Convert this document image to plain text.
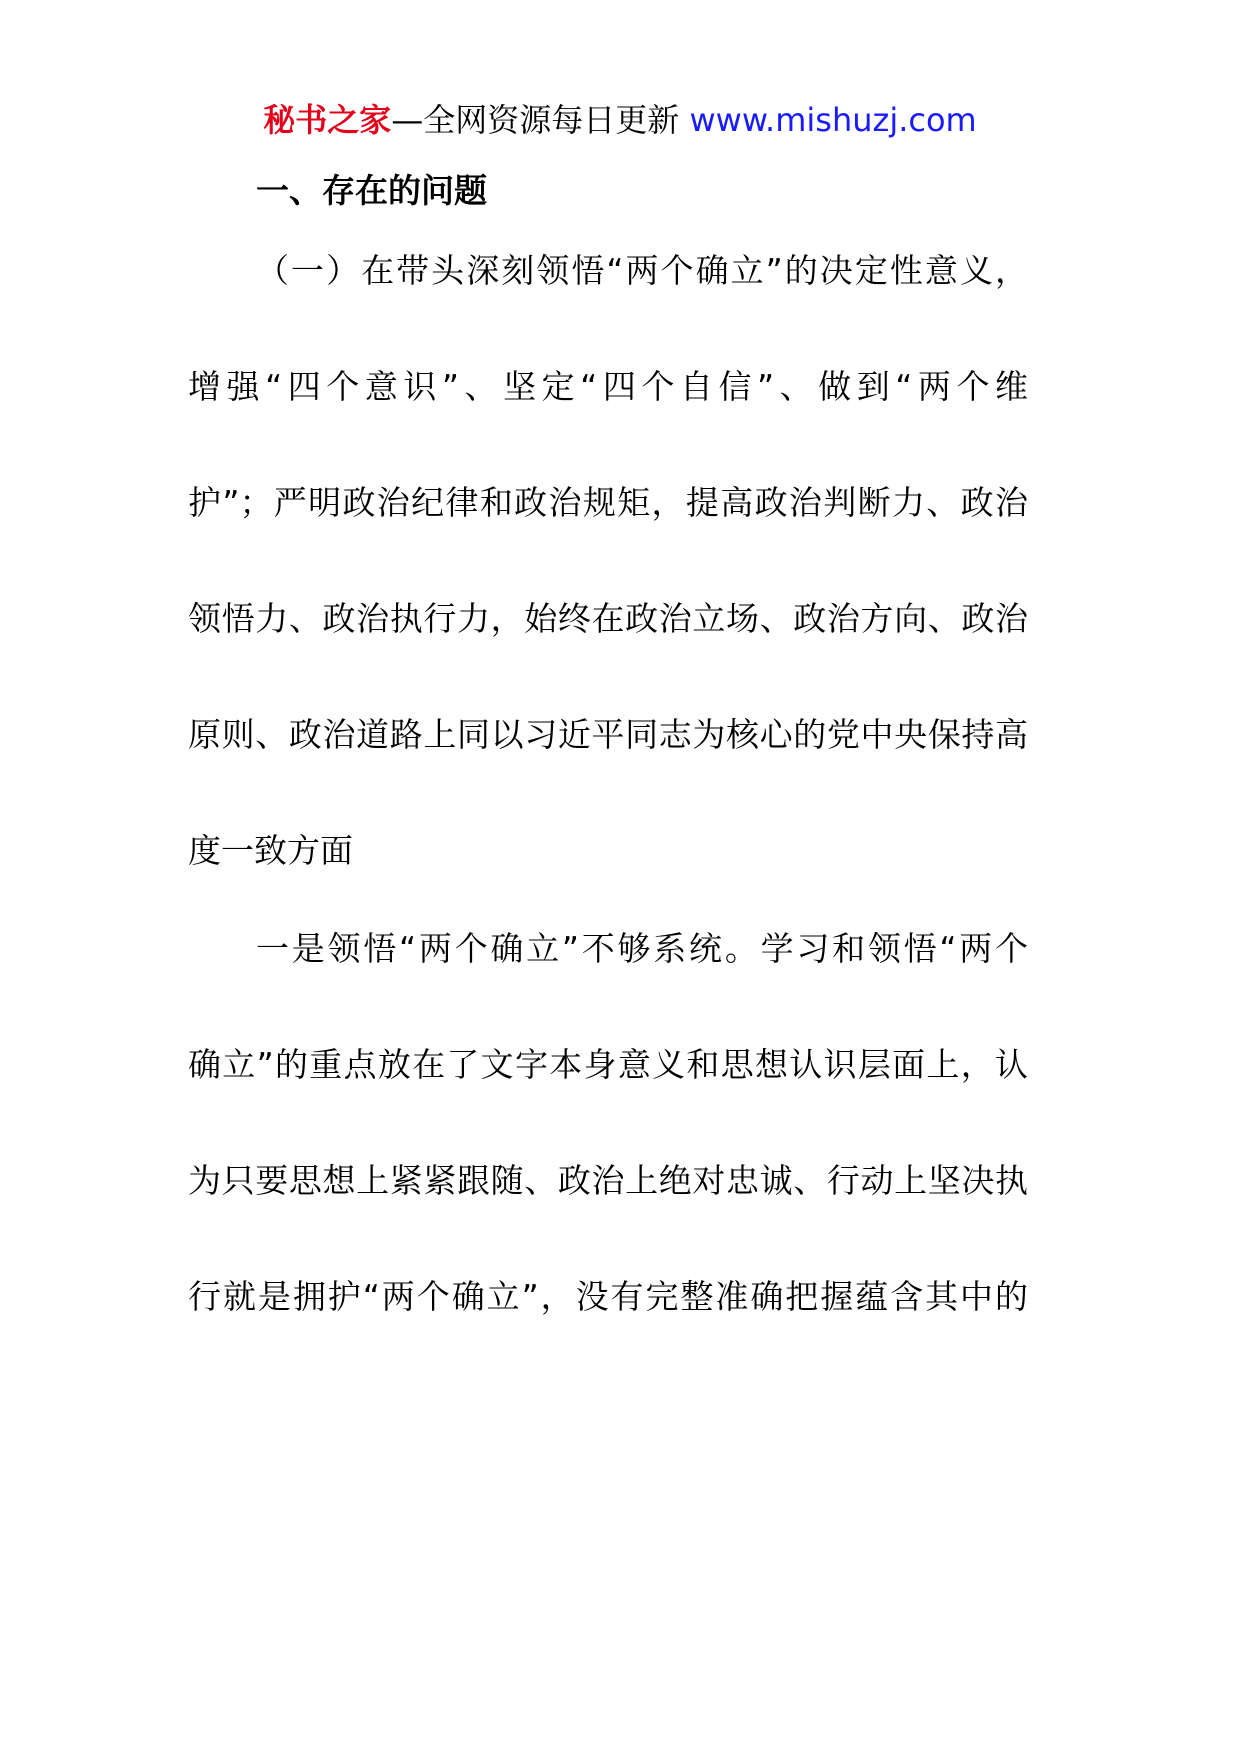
秘书之家—全网资源每日更新 www.mishuzj.com
一、存在的问题
（一）在带头深刻领悟“两个确立”的决定性意义，
增强“四个意识”、坚定“四个自信”、做到“两个维
护”；严明政治纪律和政治规矩，提高政治判断力、政治
领悟力、政治执行力，始终在政治立场、政治方向、政治
原则、政治道路上同以习近平同志为核心的党中央保持高
度一致方面
一是领悟“两个确立”不够系统。学习和领悟“两个
确立”的重点放在了文字本身意义和思想认识层面上，认
为只要思想上紧紧跟随、政治上绝对忠诚、行动上坚决执
行就是拥护“两个确立”，没有完整准确把握蕴含其中的
